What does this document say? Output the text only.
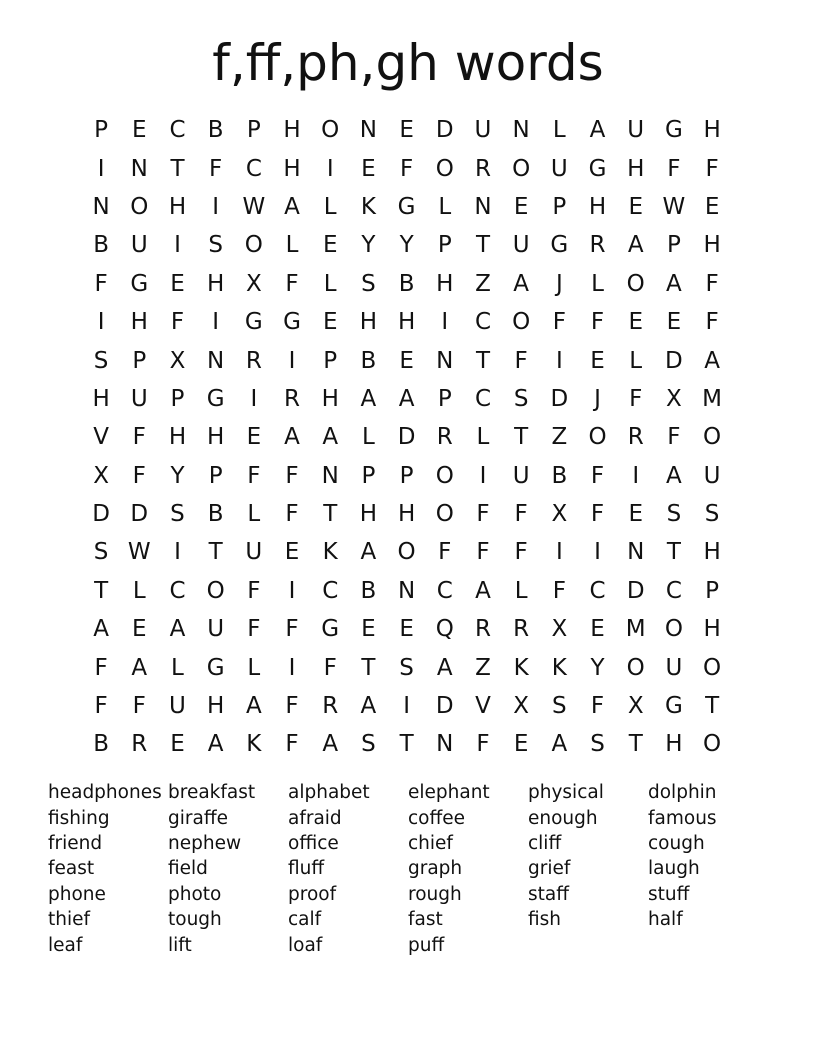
f,ff,ph,gh words
P	E C B	P H O N E D U N	L	A U G H
I	N T	F	C H	I	E	F O R O U G H F	F
N O H	I	W A	L	K G L	N E	P H E W E
B U	I	S O L	E	Y	Y	P	T U G R A	P H
F G E H X	F	L	S	B H Z A	J	L O A	F
I	H F	I	G G E H H	I	C O F	F	E	E	F
S	P	X N R	I	P	B	E N T	F	I	E	L D A
H U P G	I	R H A A	P	C S D	J	F	X M
V	F H H E	A A	L D R	L	T	Z O R	F O
X	F	Y	P	F	F N P	P O	I	U B	F	I	A U
D D S	B	L	F	T H H O F	F	X	F	E	S	S
S W	I	T U E	K A O F	F	F	I	I	N T H
T	L	C O F	I	C B N C A	L	F	C D C	P
A	E	A U	F	F G E	E Q R R X	E M O H
F	A	L G L	I	F	T	S	A Z K	K	Y O U O
F	F	U H A	F	R A	I	D V X	S	F	X G T
B R E	A K	F	A	S	T N F	E	A	S	T H O
headphones breakfast	alphabet	elephant	physical	dolphin
fishing	giraffe	afraid	coffee	enough	famous
friend	nephew	office	chief	cliff	cough
feast	field	fluff	graph	grief	laugh
phone	photo	proof	rough	staff	stuff
thief	tough	calf	fast	fish	half
leaf	lift	loaf	puff
